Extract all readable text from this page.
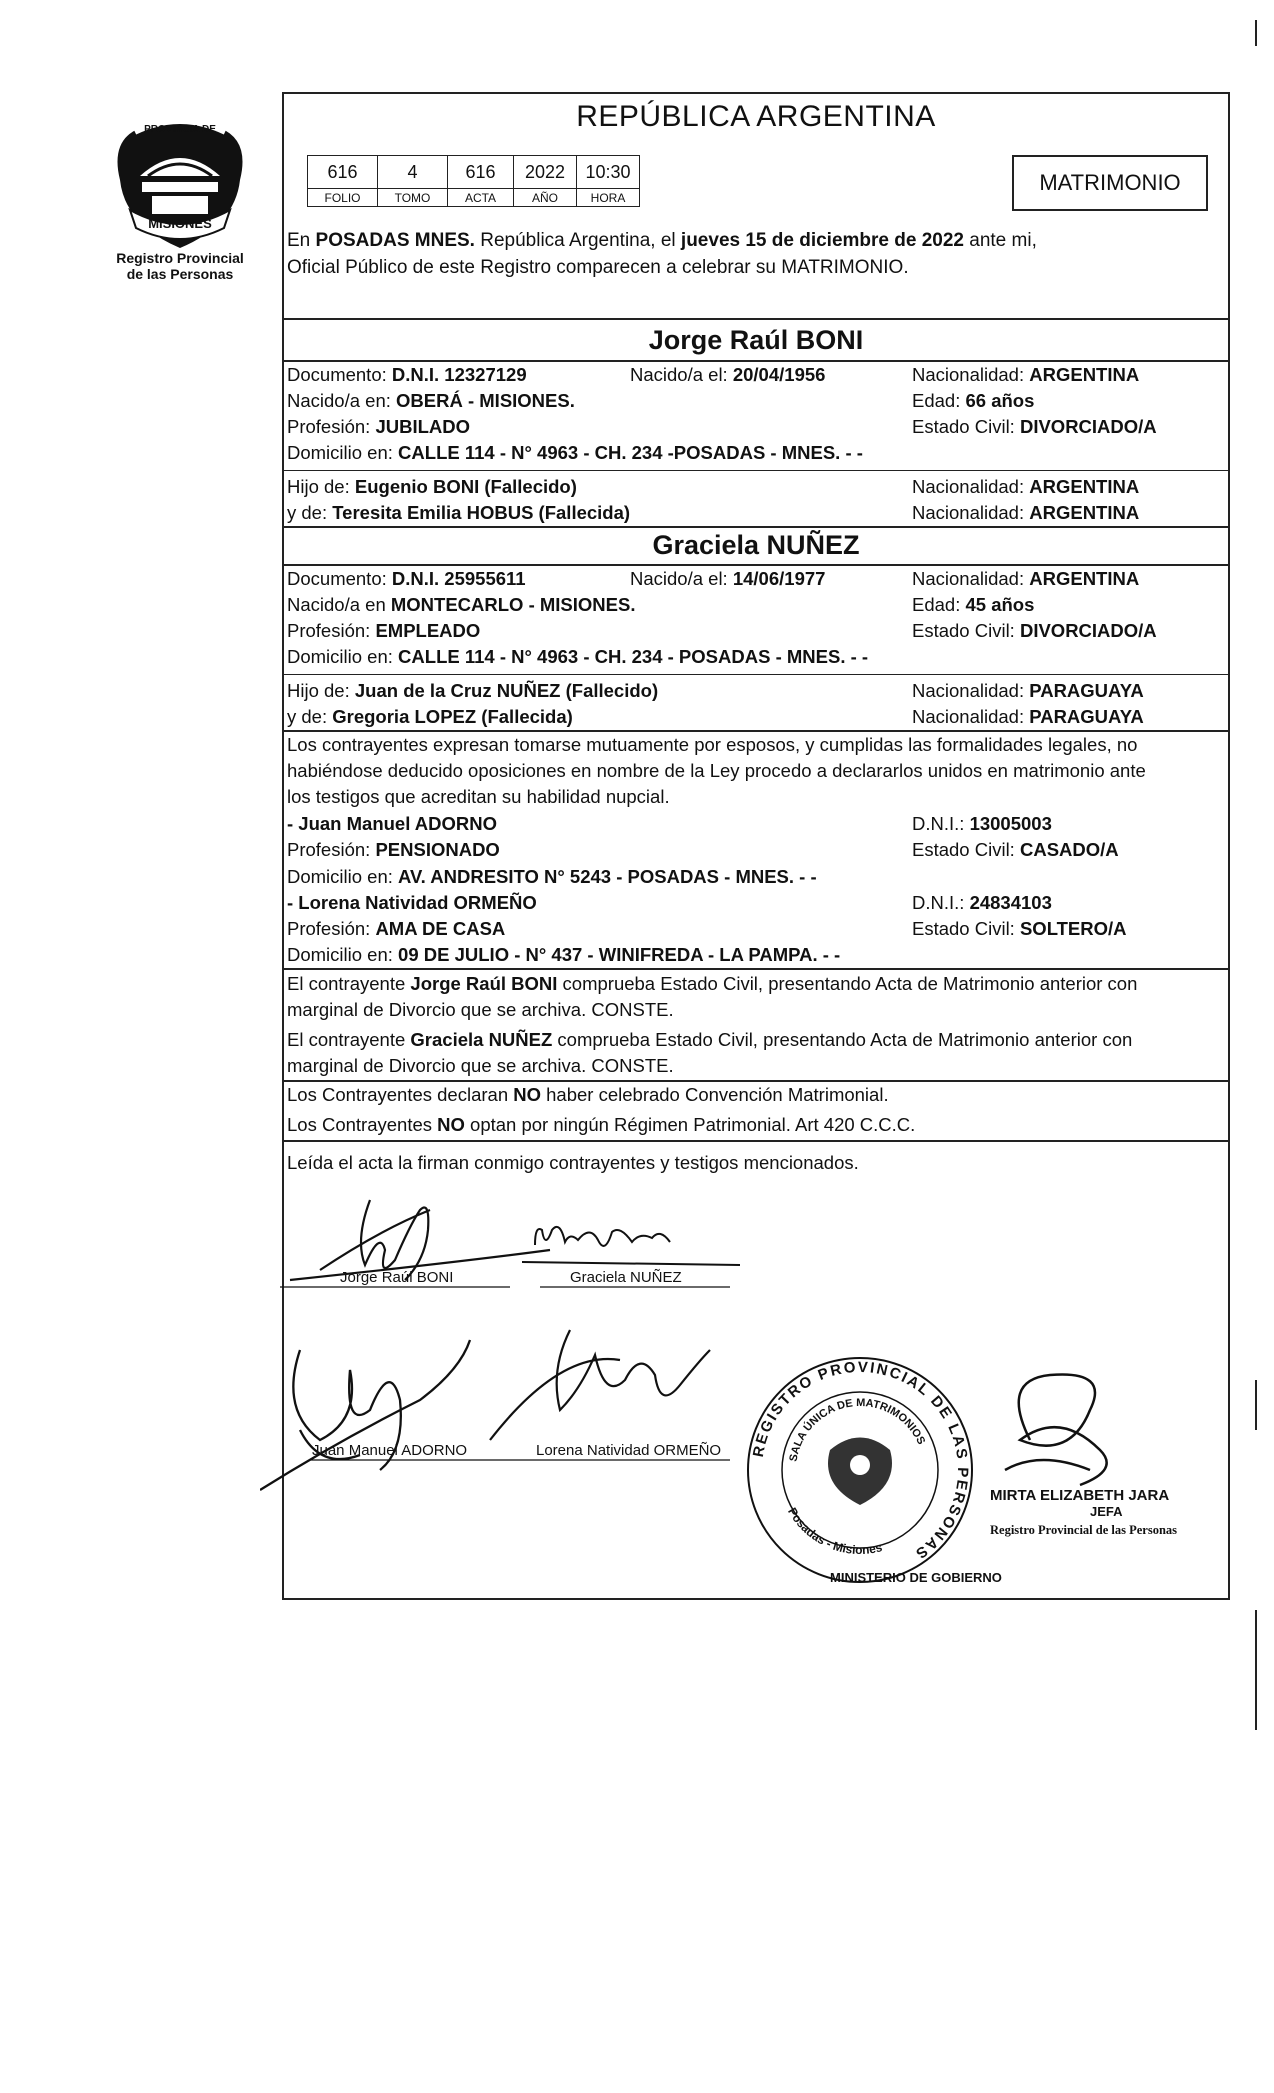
MISIONES
PROVINCIA DE
Registro Provincial
de las Personas
REPÚBLICA ARGENTINA
616	4	616	2022	10:30
FOLIO	TOMO	ACTA	AÑO	HORA
MATRIMONIO
En POSADAS MNES. República Argentina, el jueves 15 de diciembre de 2022 ante mi,
Oficial Público de este Registro comparecen a celebrar su MATRIMONIO.
Jorge Raúl BONI
Documento: D.N.I. 12327129	Nacido/a el: 20/04/1956	Nacionalidad: ARGENTINA
Nacido/a en: OBERÁ - MISIONES.	Edad: 66 años
Profesión: JUBILADO	Estado Civil: DIVORCIADO/A
Domicilio en: CALLE 114 - N° 4963 - CH. 234 -POSADAS - MNES. - -
Hijo de: Eugenio BONI (Fallecido)	Nacionalidad: ARGENTINA
y de: Teresita Emilia HOBUS (Fallecida)	Nacionalidad: ARGENTINA
Graciela NUÑEZ
Documento: D.N.I. 25955611	Nacido/a el: 14/06/1977	Nacionalidad: ARGENTINA
Nacido/a en MONTECARLO - MISIONES.	Edad: 45 años
Profesión: EMPLEADO	Estado Civil: DIVORCIADO/A
Domicilio en: CALLE 114 - N° 4963 - CH. 234 - POSADAS - MNES. - -
Hijo de: Juan de la Cruz NUÑEZ (Fallecido)	Nacionalidad: PARAGUAYA
y de: Gregoria LOPEZ (Fallecida)	Nacionalidad: PARAGUAYA
Los contrayentes expresan tomarse mutuamente por esposos, y cumplidas las formalidades legales, no
habiéndose deducido oposiciones en nombre de la Ley procedo a declararlos unidos en matrimonio ante
los testigos que acreditan su habilidad nupcial.
- Juan Manuel ADORNO	D.N.I.: 13005003
Profesión: PENSIONADO	Estado Civil: CASADO/A
Domicilio en: AV. ANDRESITO N° 5243 - POSADAS - MNES. - -
- Lorena Natividad ORMEÑO	D.N.I.: 24834103
Profesión: AMA DE CASA	Estado Civil: SOLTERO/A
Domicilio en: 09 DE JULIO - N° 437 - WINIFREDA - LA PAMPA. - -
El contrayente Jorge Raúl BONI comprueba Estado Civil, presentando Acta de Matrimonio anterior con
marginal de Divorcio que se archiva. CONSTE.
El contrayente Graciela NUÑEZ comprueba Estado Civil, presentando Acta de Matrimonio anterior con
marginal de Divorcio que se archiva. CONSTE.
Los Contrayentes declaran NO haber celebrado Convención Matrimonial.
Los Contrayentes NO optan por ningún Régimen Patrimonial. Art 420 C.C.C.
Leída el acta la firman conmigo contrayentes y testigos mencionados.
Jorge Raúl BONI	Graciela NUÑEZ
Juan Manuel ADORNO	Lorena Natividad ORMEÑO REGISTRO PROVINCIAL DE LAS PERSONAS
SALA ÚNICA DE MATRIMONIOS
Posadas - Misiones
MINISTERIO DE GOBIERNO
MIRTA ELIZABETH JARA
JEFA
Registro Provincial de las Personas
